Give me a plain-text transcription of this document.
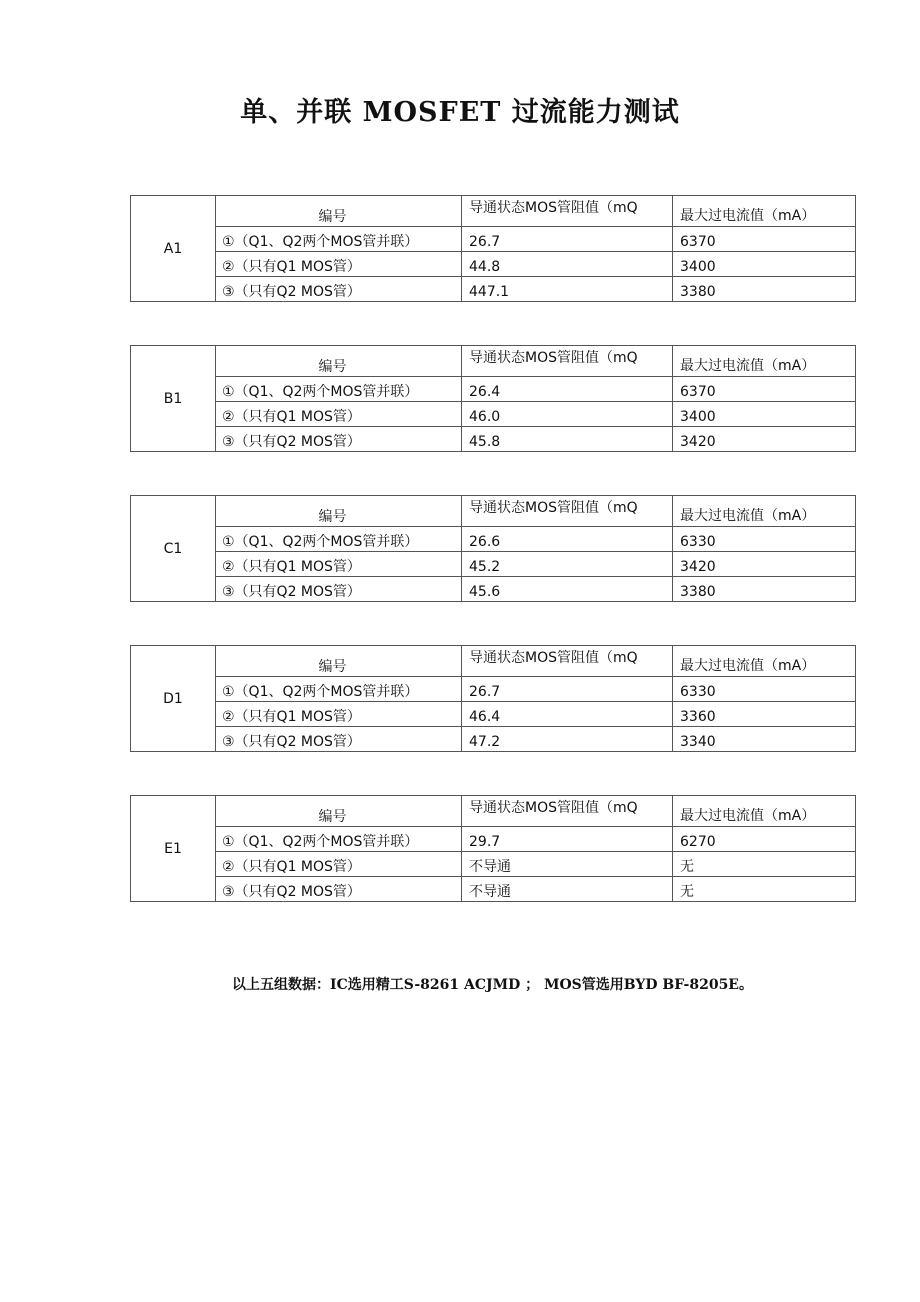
单、并联 MOSFET 过流能力测试
A1	编号	导通状态MOS管阻值（mQ	最大过电流值（mA）
	①（Q1、Q2两个MOS管并联）	26.7	6370
	②（只有Q1 MOS管）	44.8	3400
	③（只有Q2 MOS管）	447.1	3380
B1	编号	导通状态MOS管阻值（mQ	最大过电流值（mA）
	①（Q1、Q2两个MOS管并联）	26.4	6370
	②（只有Q1 MOS管）	46.0	3400
	③（只有Q2 MOS管）	45.8	3420
C1	编号	导通状态MOS管阻值（mQ	最大过电流值（mA）
	①（Q1、Q2两个MOS管并联）	26.6	6330
	②（只有Q1 MOS管）	45.2	3420
	③（只有Q2 MOS管）	45.6	3380
D1	编号	导通状态MOS管阻值（mQ	最大过电流值（mA）
	①（Q1、Q2两个MOS管并联）	26.7	6330
	②（只有Q1 MOS管）	46.4	3360
	③（只有Q2 MOS管）	47.2	3340
E1	编号	导通状态MOS管阻值（mQ	最大过电流值（mA）
	①（Q1、Q2两个MOS管并联）	29.7	6270
	②（只有Q1 MOS管）	不导通	无
	③（只有Q2 MOS管）	不导通	无

以上五组数据：IC选用精工S-8261 ACJMD ； MOS管选用BYD BF-8205E。
